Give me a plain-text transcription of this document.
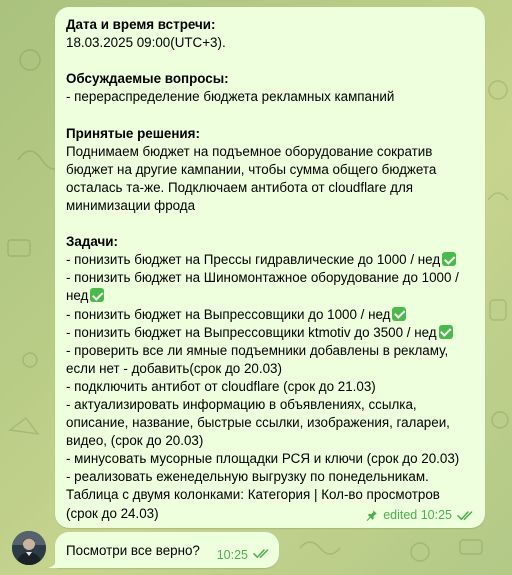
Дата и время встречи:
18.03.2025 09:00(UTC+3).
Обсуждаемые вопросы:
- перераспределение бюджета рекламных кампаний
Принятые решения:
Поднимаем бюджет на подъемное оборудование сократив
бюджет на другие кампании, чтобы сумма общего бюджета
осталась та-же. Подключаем антибота от cloudflare для
минимизации фрода
Задачи:
- понизить бюджет на Прессы гидравлические до 1000 / нед
- понизить бюджет на Шиномонтажное оборудование до 1000 /
нед
- понизить бюджет на Выпрессовщики до 1000 / нед
- понизить бюджет на Выпрессовщики ktmotiv до 3500 / нед
- проверить все ли ямные подъемники добавлены в рекламу,
если нет - добавить(срок до 20.03)
- подключить антибот от cloudflare (срок до 21.03)
- актуализировать информацию в объявлениях, ссылка,
описание, название, быстрые ссылки, изображения, галареи,
видео, (срок до 20.03)
- минусовать мусорные площадки РСЯ и ключи (срок до 20.03)
- реализовать еженедельную выгрузку по понедельникам.
Таблица с двумя колонками: Категория | Кол-во просмотров
(срок до 24.03)	edited 10:25
Посмотри все верно? 10:25
